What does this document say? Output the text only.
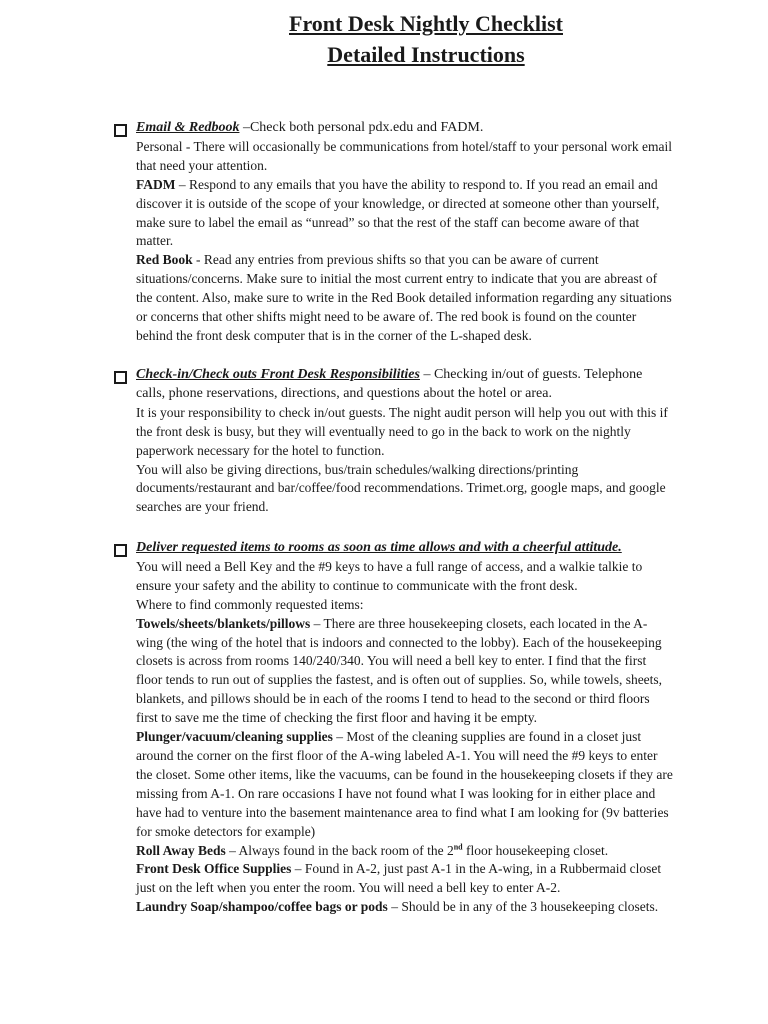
Front Desk Nightly Checklist
Detailed Instructions
Email & Redbook –Check both personal pdx.edu and FADM.

Personal - There will occasionally be communications from hotel/staff to your personal work email that need your attention.

FADM – Respond to any emails that you have the ability to respond to. If you read an email and discover it is outside of the scope of your knowledge, or directed at someone other than yourself, make sure to label the email as “unread” so that the rest of the staff can become aware of that matter.

Red Book - Read any entries from previous shifts so that you can be aware of current situations/concerns. Make sure to initial the most current entry to indicate that you are abreast of the content. Also, make sure to write in the Red Book detailed information regarding any situations or concerns that other shifts might need to be aware of. The red book is found on the counter behind the front desk computer that is in the corner of the L-shaped desk.

Check-in/Check outs Front Desk Responsibilities – Checking in/out of guests. Telephone calls, phone reservations, directions, and questions about the hotel or area.

It is your responsibility to check in/out guests. The night audit person will help you out with this if the front desk is busy, but they will eventually need to go in the back to work on the nightly paperwork necessary for the hotel to function.

You will also be giving directions, bus/train schedules/walking directions/printing documents/restaurant and bar/coffee/food recommendations. Trimet.org, google maps, and google searches are your friend.

Deliver requested items to rooms as soon as time allows and with a cheerful attitude.

You will need a Bell Key and the #9 keys to have a full range of access, and a walkie talkie to ensure your safety and the ability to continue to communicate with the front desk.

Where to find commonly requested items:

Towels/sheets/blankets/pillows – There are three housekeeping closets, each located in the A-wing (the wing of the hotel that is indoors and connected to the lobby). Each of the housekeeping closets is across from rooms 140/240/340. You will need a bell key to enter. I find that the first floor tends to run out of supplies the fastest, and is often out of supplies. So, while towels, sheets, blankets, and pillows should be in each of the rooms I tend to head to the second or third floors first to save me the time of checking the first floor and having it be empty.

Plunger/vacuum/cleaning supplies – Most of the cleaning supplies are found in a closet just around the corner on the first floor of the A-wing labeled A-1. You will need the #9 keys to enter the closet. Some other items, like the vacuums, can be found in the housekeeping closets if they are missing from A-1. On rare occasions I have not found what I was looking for in either place and have had to venture into the basement maintenance area to find what I am looking for (9v batteries for smoke detectors for example)

Roll Away Beds – Always found in the back room of the 2nd floor housekeeping closet.

Front Desk Office Supplies – Found in A-2, just past A-1 in the A-wing, in a Rubbermaid closet just on the left when you enter the room. You will need a bell key to enter A-2.

Laundry Soap/shampoo/coffee bags or pods – Should be in any of the 3 housekeeping closets.
